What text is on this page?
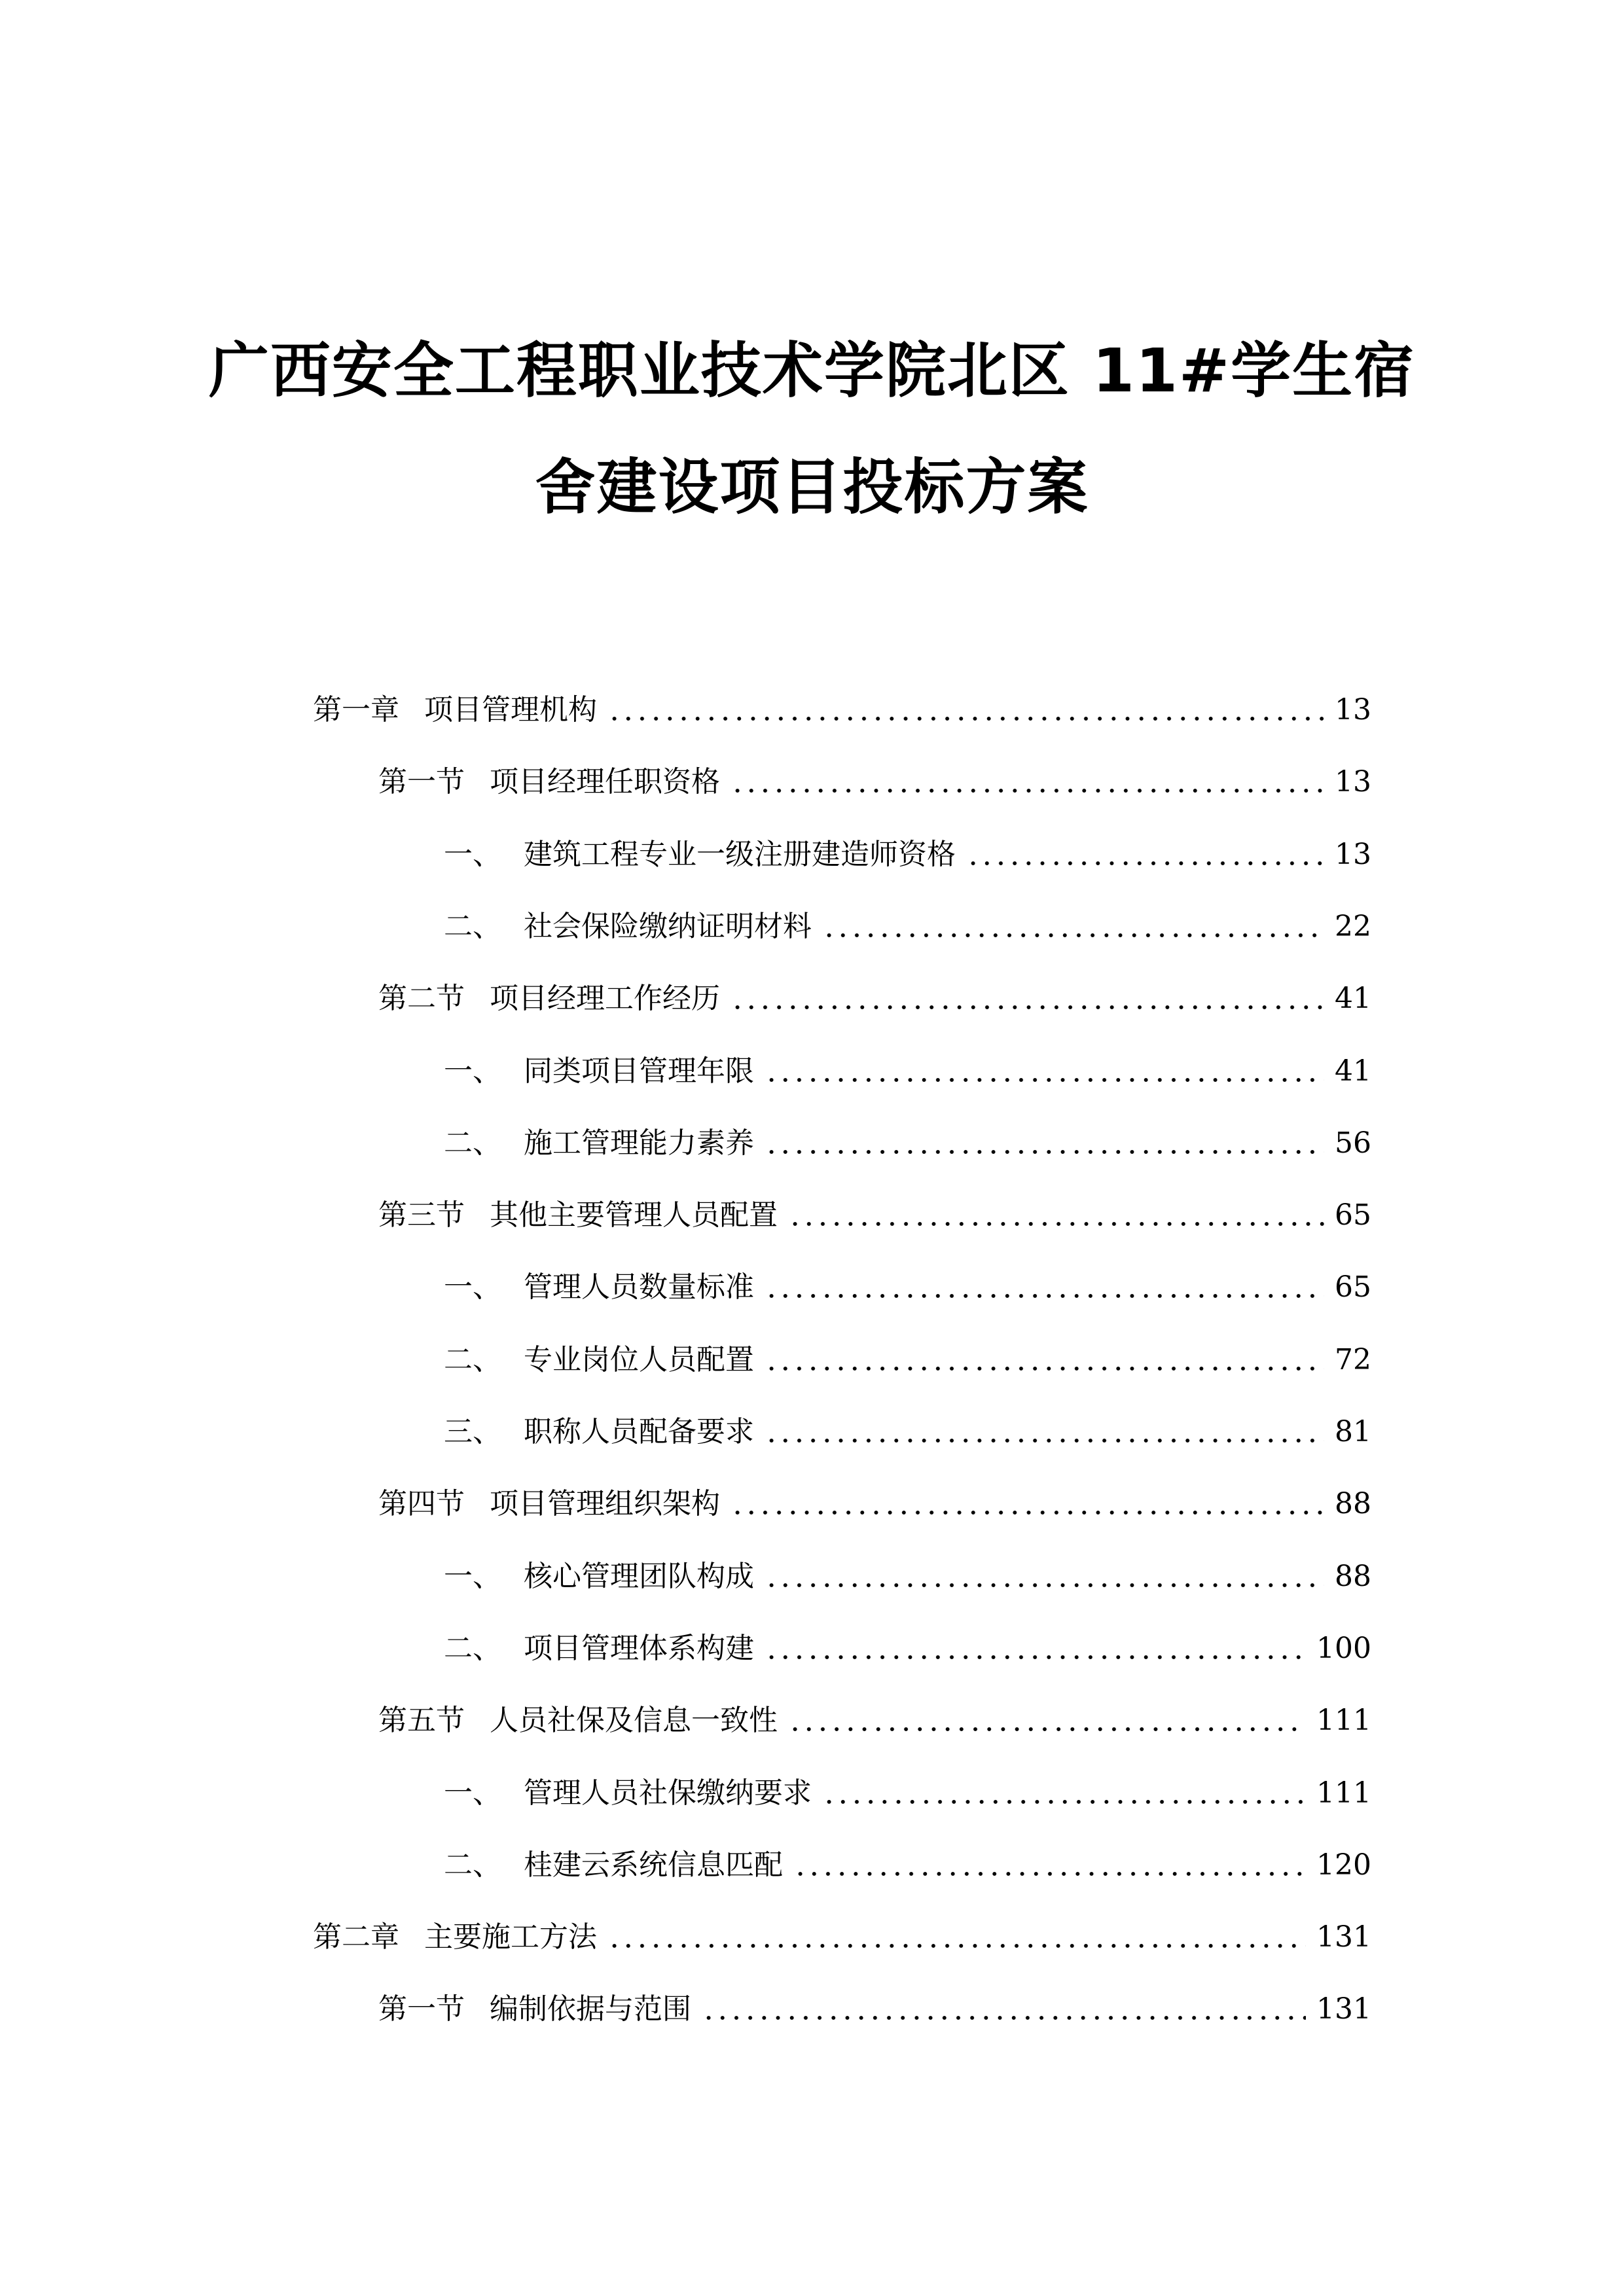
广西安全工程职业技术学院北区 11#学生宿
舍建设项目投标方案
第一章 项目管理机构	13
第一节 项目经理任职资格	13
一、 建筑工程专业一级注册建造师资格	13
二、 社会保险缴纳证明材料	22
第二节 项目经理工作经历	41
一、 同类项目管理年限	41
二、 施工管理能力素养	56
第三节 其他主要管理人员配置	65
一、 管理人员数量标准	65
二、 专业岗位人员配置	72
三、 职称人员配备要求	81
第四节 项目管理组织架构	88
一、 核心管理团队构成	88
二、 项目管理体系构建	100
第五节 人员社保及信息一致性	111
一、 管理人员社保缴纳要求	111
二、 桂建云系统信息匹配	120
第二章 主要施工方法	131
第一节 编制依据与范围	131
